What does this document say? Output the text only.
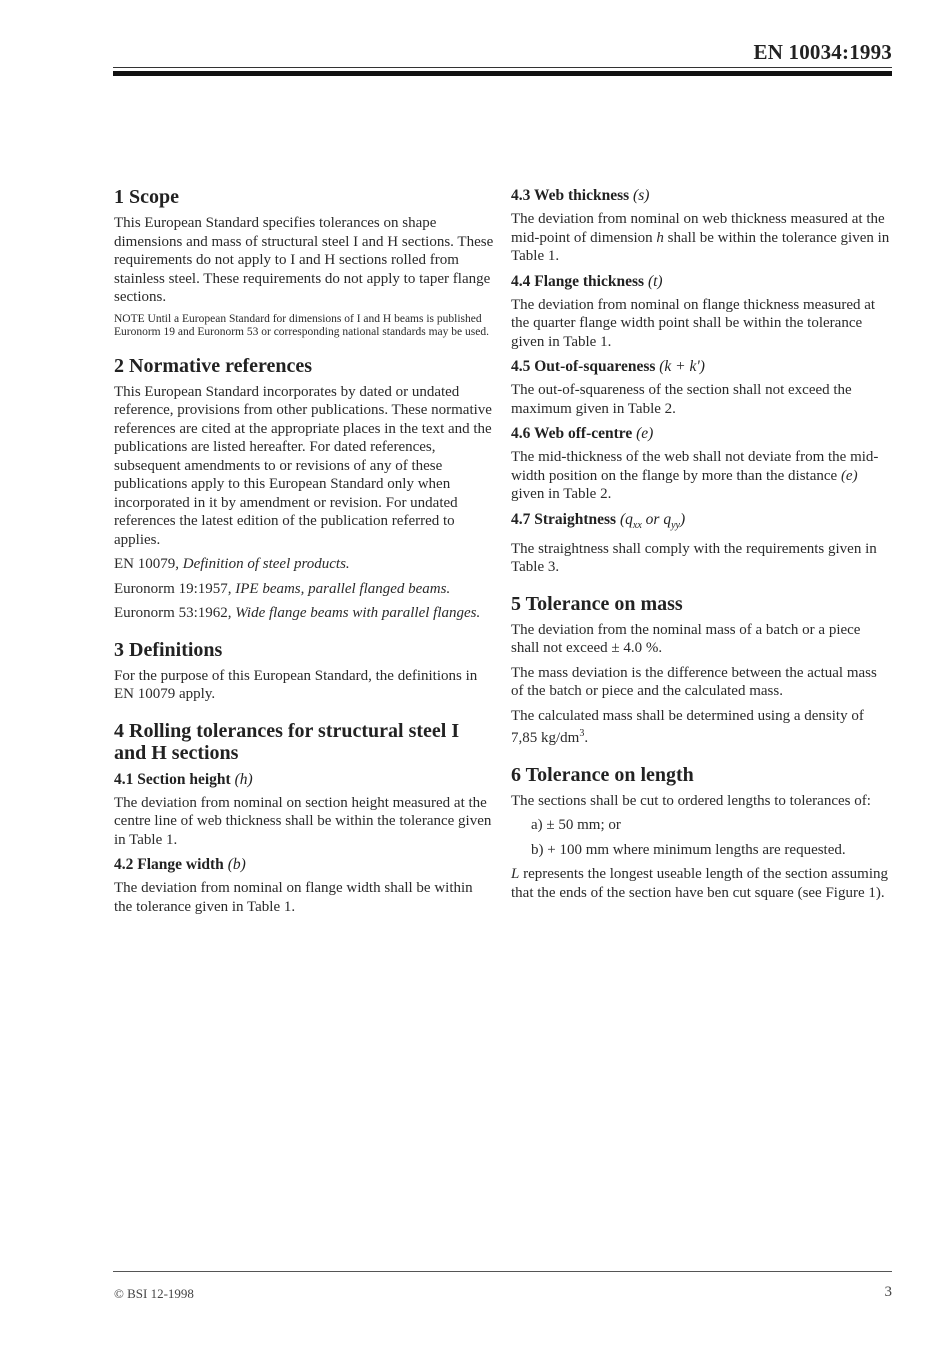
EN 10034:1993
1 Scope

This European Standard specifies tolerances on shape dimensions and mass of structural steel I and H sections. These requirements do not apply to I and H sections rolled from stainless steel. These requirements do not apply to taper flange sections.

NOTE Until a European Standard for dimensions of I and H beams is published Euronorm 19 and Euronorm 53 or corresponding national standards may be used.

2 Normative references

This European Standard incorporates by dated or undated reference, provisions from other publications. These normative references are cited at the appropriate places in the text and the publications are listed hereafter. For dated references, subsequent amendments to or revisions of any of these publications apply to this European Standard only when incorporated in it by amendment or revision. For undated references the latest edition of the publication referred to applies.

EN 10079, Definition of steel products.

Euronorm 19:1957, IPE beams, parallel flanged beams.

Euronorm 53:1962, Wide flange beams with parallel flanges.

3 Definitions

For the purpose of this European Standard, the definitions in EN 10079 apply.

4 Rolling tolerances for structural steel I and H sections
4.1 Section height (h)

The deviation from nominal on section height measured at the centre line of web thickness shall be within the tolerance given in Table 1.

4.2 Flange width (b)

The deviation from nominal on flange width shall be within the tolerance given in Table 1.

4.3 Web thickness (s)

The deviation from nominal on web thickness measured at the mid-point of dimension h shall be within the tolerance given in Table 1.

4.4 Flange thickness (t)

The deviation from nominal on flange thickness measured at the quarter flange width point shall be within the tolerance given in Table 1.

4.5 Out-of-squareness (k + k')

The out-of-squareness of the section shall not exceed the maximum given in Table 2.

4.6 Web off-centre (e)

The mid-thickness of the web shall not deviate from the mid-width position on the flange by more than the distance (e) given in Table 2.

4.7 Straightness ($q_{xx}$ or $q_{yy}$)

The straightness shall comply with the requirements given in Table 3.

5 Tolerance on mass

The deviation from the nominal mass of a batch or a piece shall not exceed ± 4.0 %.

The mass deviation is the difference between the actual mass of the batch or piece and the calculated mass.

The calculated mass shall be determined using a density of 7,85 $kg/dm^3$.

6 Tolerance on length

The sections shall be cut to ordered lengths to tolerances of:

a) ± 50 mm; or

b) + 100 mm where minimum lengths are requested.

L represents the longest useable length of the section assuming that the ends of the section have ben cut square (see Figure 1).

© BSI 12-1998	3
